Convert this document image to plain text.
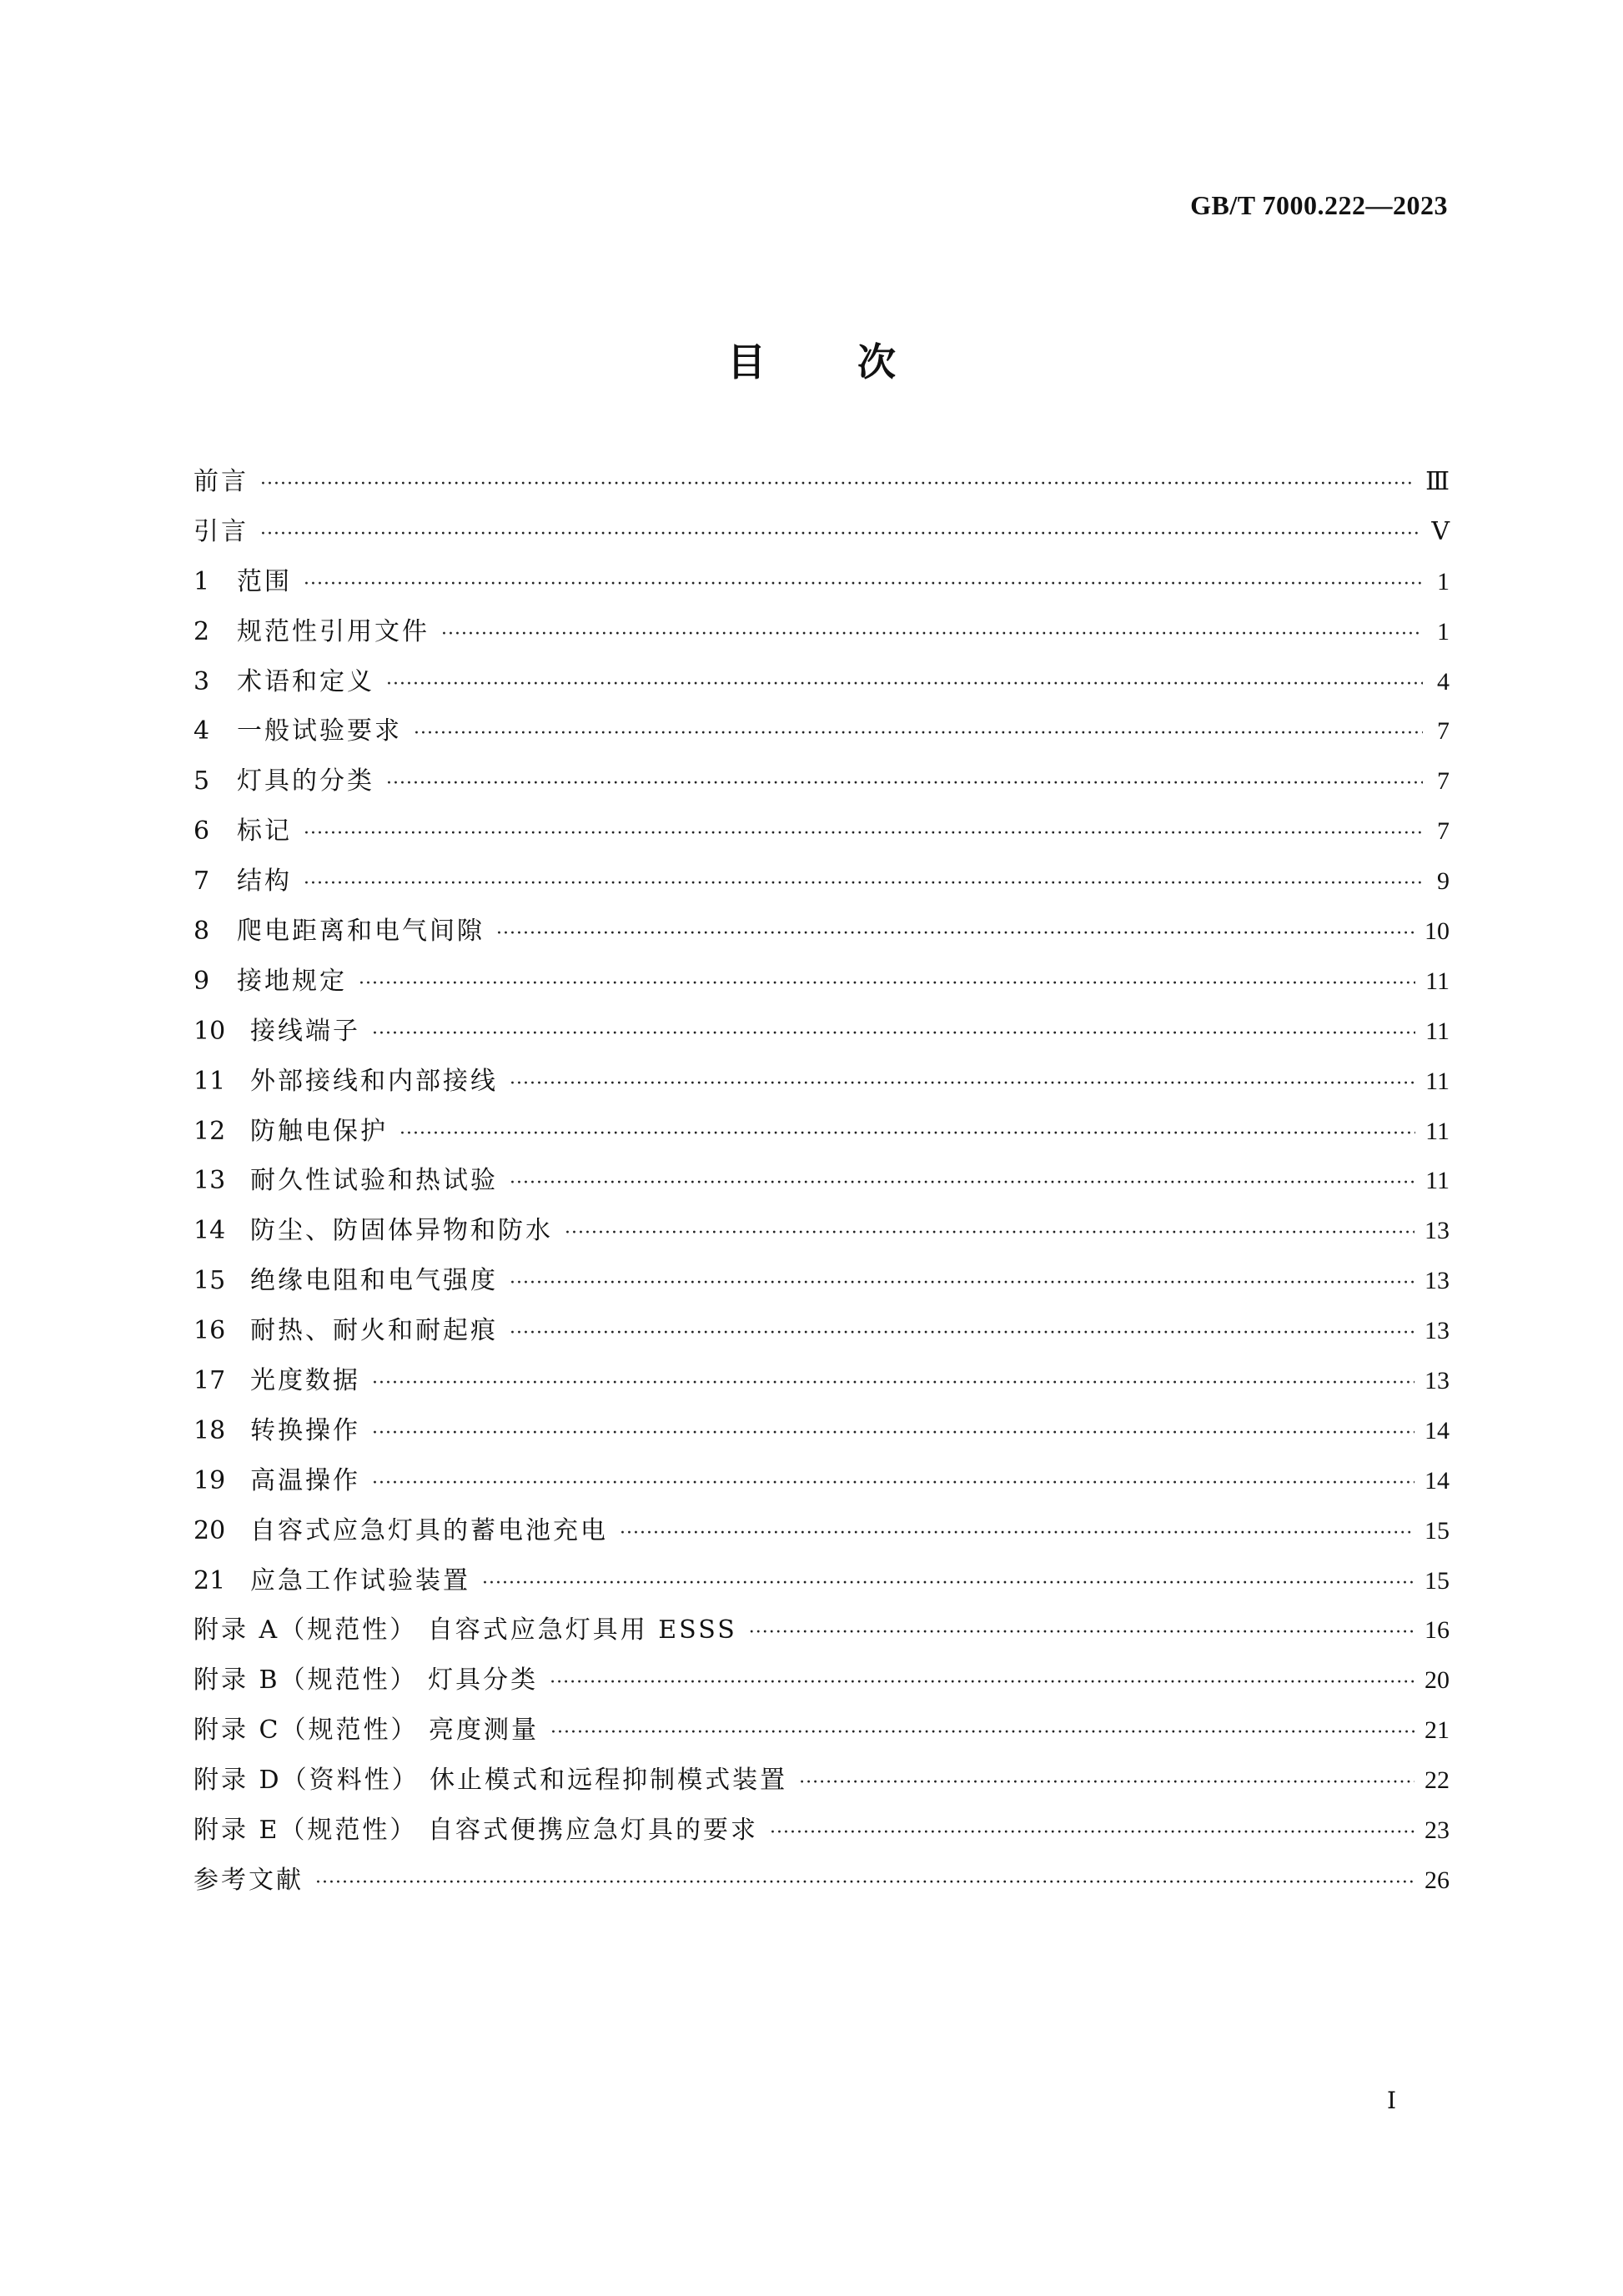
GB/T 7000.222—2023
目 次
前言 ·····	Ⅲ
引言 ·····	Ⅴ
1	范围 ·····	1
2	规范性引用文件 ·····	1
3	术语和定义 ·····	4
4	一般试验要求 ·····	7
5	灯具的分类 ·····	7
6	标记 ·····	7
7	结构 ·····	9
8	爬电距离和电气间隙 ·····	10
9	接地规定 ·····	11
10 接线端子 ·····	11
11 外部接线和内部接线 ·····	11
12 防触电保护 ·····	11
13 耐久性试验和热试验 ·····	11
14 防尘、防固体异物和防水 ·····	13
15 绝缘电阻和电气强度 ·····	13
16 耐热、耐火和耐起痕 ·····	13
17 光度数据 ·····	13
18 转换操作 ·····	14
19 高温操作 ·····	14
20 自容式应急灯具的蓄电池充电 ·····	15
21 应急工作试验装置 ·····	15
附录 A（规范性） 自容式应急灯具用 ESSS ·····	16
附录 B（规范性） 灯具分类 ·····	20
附录 C（规范性） 亮度测量 ·····	21
附录 D（资料性） 休止模式和远程抑制模式装置 ·····	22
附录 E（规范性） 自容式便携应急灯具的要求 ·····	23
参考文献 ·····	26
Ⅰ
